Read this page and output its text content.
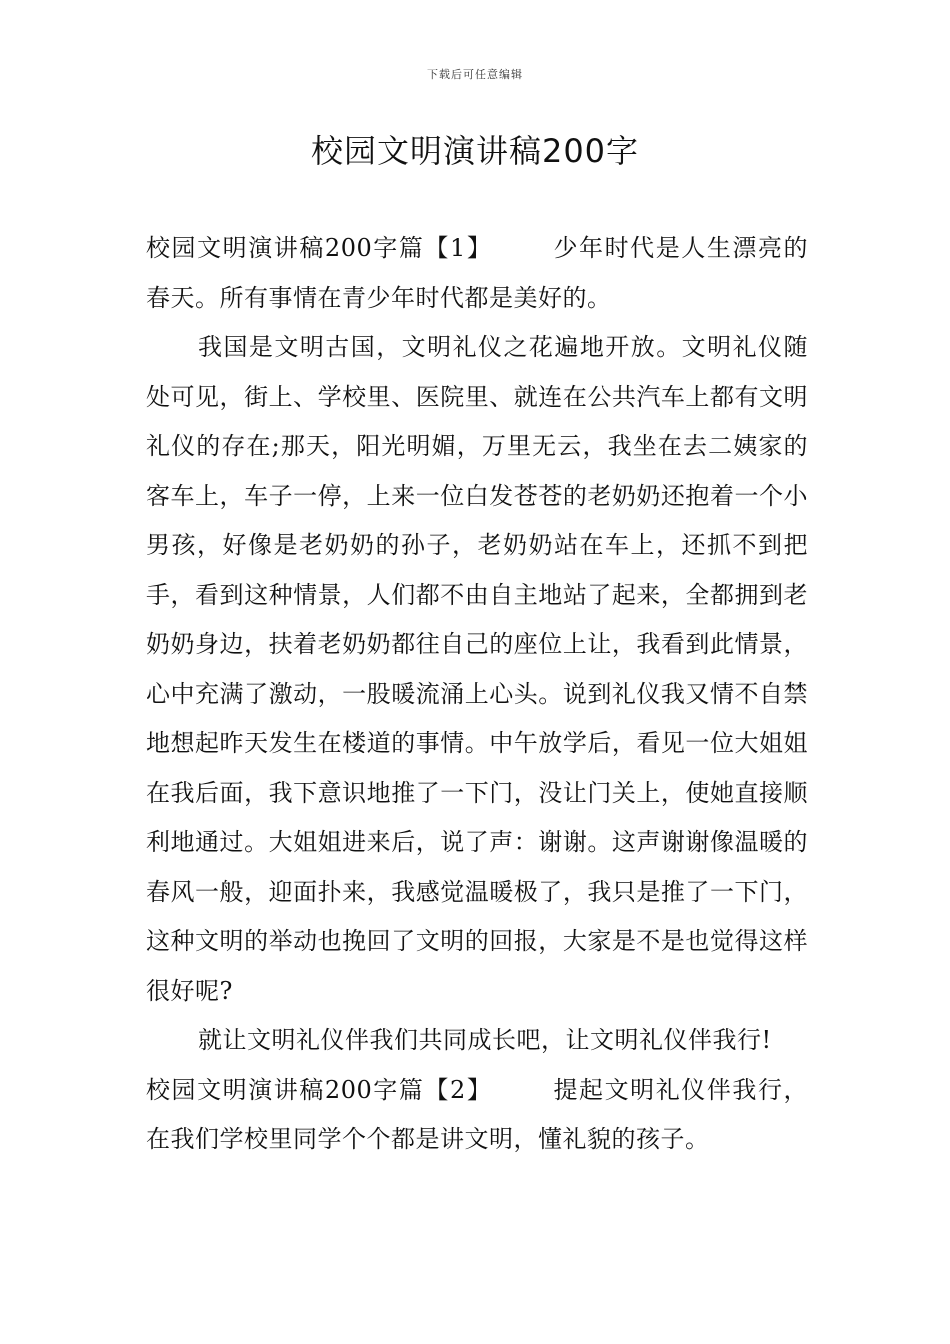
下载后可任意编辑
校园文明演讲稿200字

校园文明演讲稿200字篇【1】	少年时代是人生漂亮的春天。所有事情在青少年时代都是美好的。

我国是文明古国，文明礼仪之花遍地开放。文明礼仪随处可见，街上、学校里、医院里、就连在公共汽车上都有文明礼仪的存在;那天，阳光明媚，万里无云，我坐在去二姨家的客车上，车子一停，上来一位白发苍苍的老奶奶还抱着一个小男孩，好像是老奶奶的孙子，老奶奶站在车上，还抓不到把手，看到这种情景，人们都不由自主地站了起来，全都拥到老奶奶身边，扶着老奶奶都往自己的座位上让，我看到此情景，心中充满了激动，一股暖流涌上心头。说到礼仪我又情不自禁地想起昨天发生在楼道的事情。中午放学后，看见一位大姐姐在我后面，我下意识地推了一下门，没让门关上，使她直接顺利地通过。大姐姐进来后，说了声：谢谢。这声谢谢像温暖的春风一般，迎面扑来，我感觉温暖极了，我只是推了一下门，这种文明的举动也挽回了文明的回报，大家是不是也觉得这样很好呢?

就让文明礼仪伴我们共同成长吧，让文明礼仪伴我行!

校园文明演讲稿200字篇【2】	提起文明礼仪伴我行，在我们学校里同学个个都是讲文明，懂礼貌的孩子。
